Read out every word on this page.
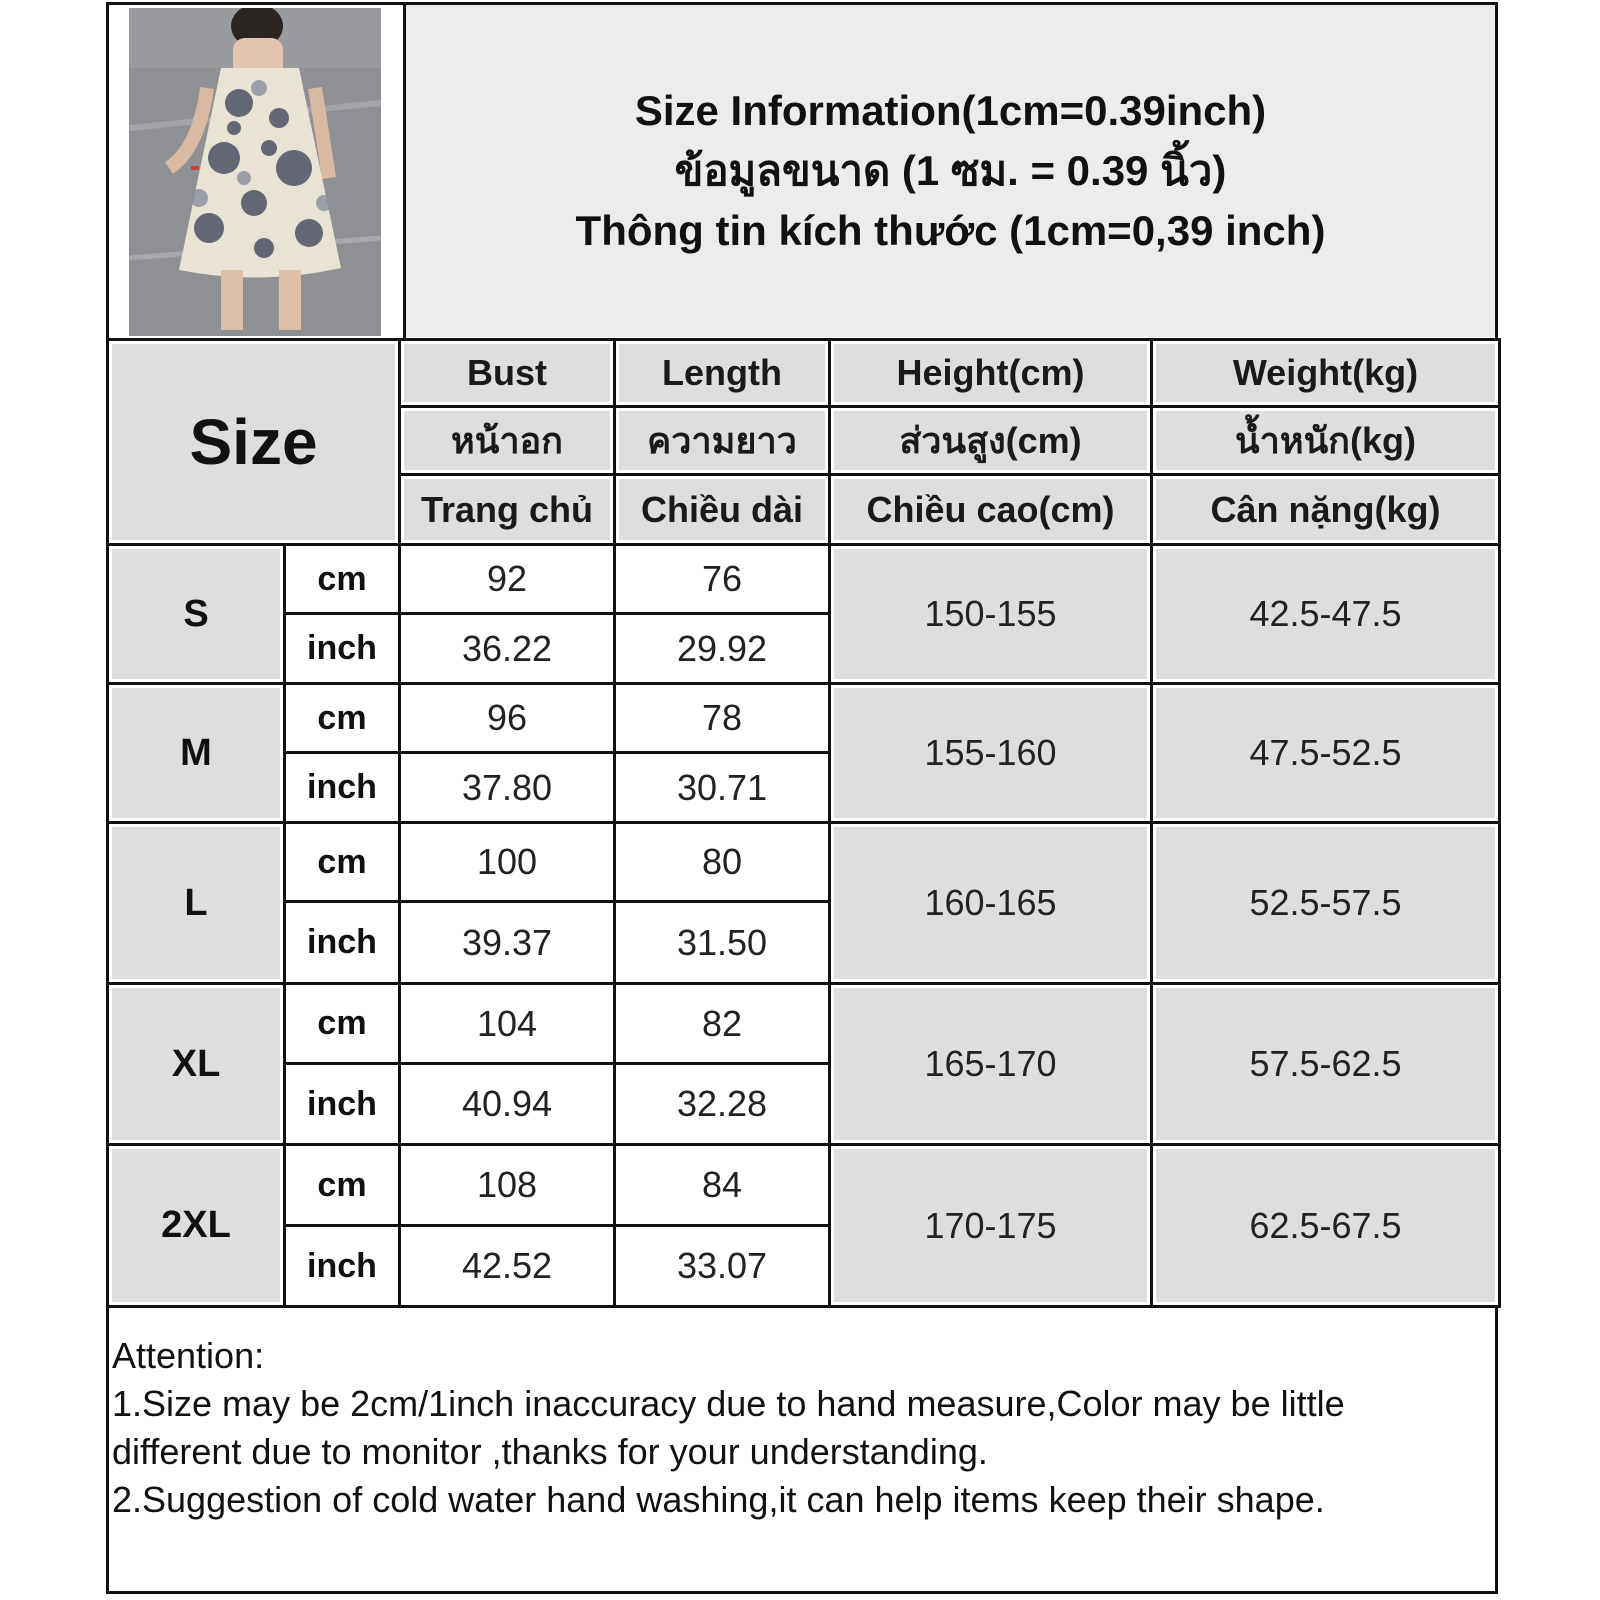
Size Information(1cm=0.39inch)
ข้อมูลขนาด (1 ซม. = 0.39 นิ้ว)
Thông tin kích thước (1cm=0,39 inch)
Size		Bust	Length	Height(cm)	Weight(kg)
		หน้าอก	ความยาว	ส่วนสูง(cm)	น้ำหนัก(kg)
		Trang chủ	Chiều dài	Chiều cao(cm)	Cân nặng(kg)
S	cm	92	76	150-155	42.5-47.5
	inch	36.22	29.92		
M	cm	96	78	155-160	47.5-52.5
	inch	37.80	30.71		
L	cm	100	80	160-165	52.5-57.5
	inch	39.37	31.50		
XL	cm	104	82	165-170	57.5-62.5
	inch	40.94	32.28		
2XL	cm	108	84	170-175	62.5-67.5
	inch	42.52	33.07		
Attention:
1.Size may be 2cm/1inch inaccuracy due to hand measure,Color may be little different due to monitor ,thanks for your understanding.
2.Suggestion of cold water hand washing,it can help items keep their shape.
